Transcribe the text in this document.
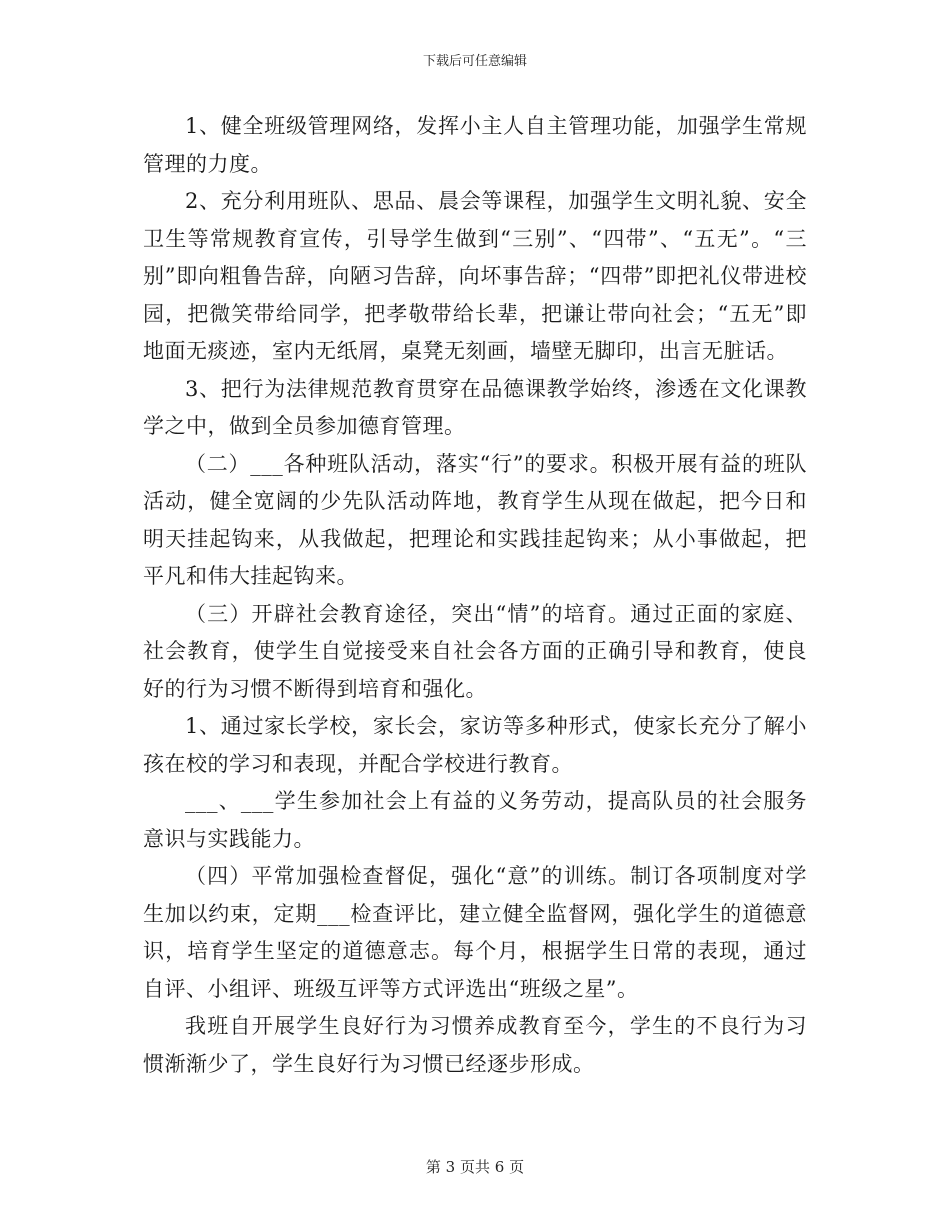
下载后可任意编辑

1、健全班级管理网络，发挥小主人自主管理功能，加强学生常规管理的力度。

2、充分利用班队、思品、晨会等课程，加强学生文明礼貌、安全卫生等常规教育宣传，引导学生做到“三别”、“四带”、“五无”。“三别”即向粗鲁告辞，向陋习告辞，向坏事告辞；“四带”即把礼仪带进校园，把微笑带给同学，把孝敬带给长辈，把谦让带向社会；“五无”即地面无痰迹，室内无纸屑，桌凳无刻画，墙壁无脚印，出言无脏话。

3、把行为法律规范教育贯穿在品德课教学始终，渗透在文化课教学之中，做到全员参加德育管理。

（二）___各种班队活动，落实“行”的要求。积极开展有益的班队活动，健全宽阔的少先队活动阵地，教育学生从现在做起，把今日和明天挂起钩来，从我做起，把理论和实践挂起钩来；从小事做起，把平凡和伟大挂起钩来。

（三）开辟社会教育途径，突出“情”的培育。通过正面的家庭、社会教育，使学生自觉接受来自社会各方面的正确引导和教育，使良好的行为习惯不断得到培育和强化。

1、通过家长学校，家长会，家访等多种形式，使家长充分了解小孩在校的学习和表现，并配合学校进行教育。

___、___学生参加社会上有益的义务劳动，提高队员的社会服务意识与实践能力。

（四）平常加强检查督促，强化“意”的训练。制订各项制度对学生加以约束，定期___检查评比，建立健全监督网，强化学生的道德意识，培育学生坚定的道德意志。每个月，根据学生日常的表现，通过自评、小组评、班级互评等方式评选出“班级之星”。

我班自开展学生良好行为习惯养成教育至今，学生的不良行为习惯渐渐少了，学生良好行为习惯已经逐步形成。

第 3 页共 6 页
